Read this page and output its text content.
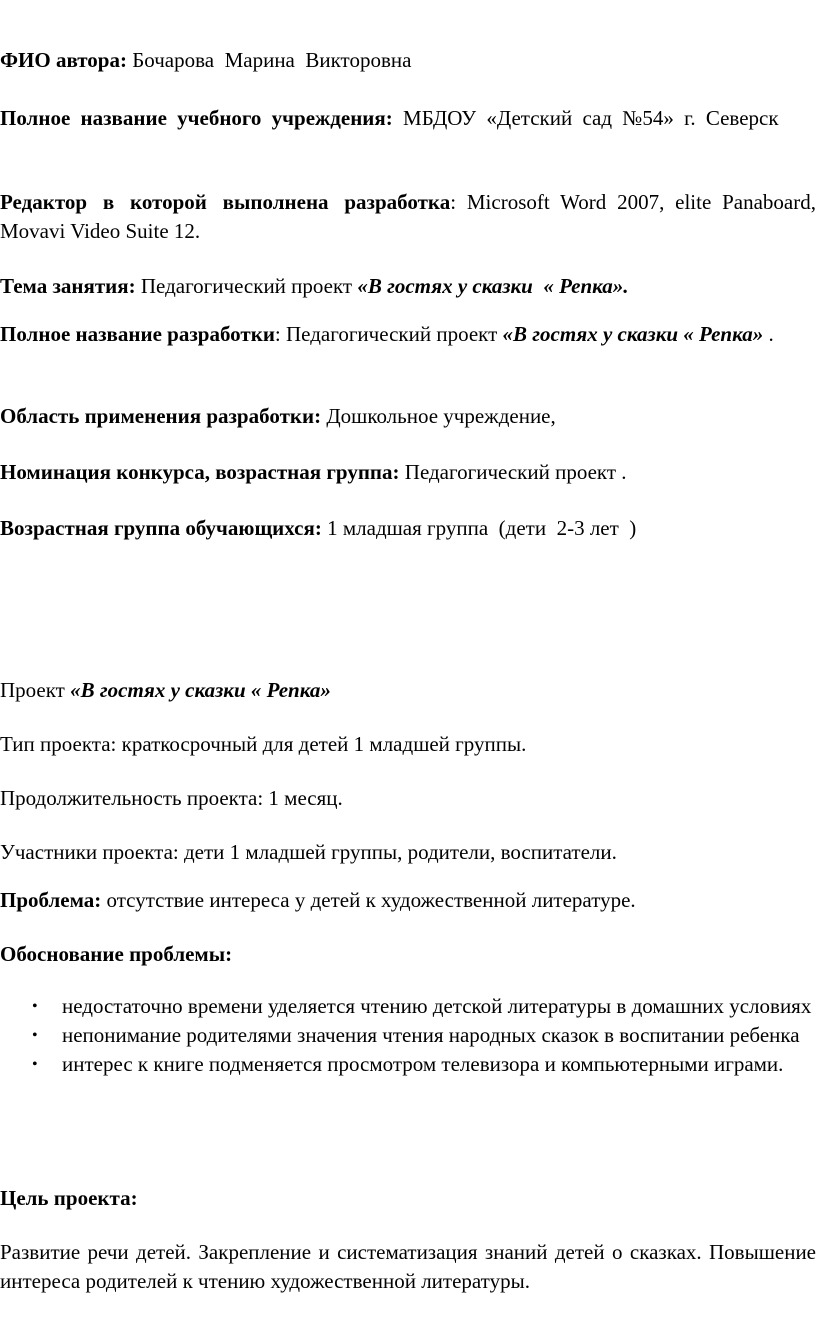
ФИО автора: Бочарова  Марина  Викторовна

Полное название учебного учреждения: МБДОУ «Детский сад №54» г. Северск

Редактор в которой выполнена разработка: Microsoft Word 2007, elite Panaboard, Movavi Video Suite 12.

Тема занятия: Педагогический проект «В гостях у сказки  « Репка».

Полное название разработки: Педагогический проект «В гостях у сказки « Репка» .

Область применения разработки: Дошкольное учреждение,

Номинация конкурса, возрастная группа: Педагогический проект .

Возрастная группа обучающихся: 1 младшая группа  (дети  2-3 лет  )

Проект «В гостях у сказки « Репка»

Тип проекта: краткосрочный для детей 1 младшей группы.

Продолжительность проекта: 1 месяц.

Участники проекта: дети 1 младшей группы, родители, воспитатели.

Проблема: отсутствие интереса у детей к художественной литературе.

Обоснование проблемы:

• недостаточно времени уделяется чтению детской литературы в домашних условиях
• непонимание родителями значения чтения народных сказок в воспитании ребенка
• интерес к книге подменяется просмотром телевизора и компьютерными играми.

Цель проекта:

Развитие речи детей. Закрепление и систематизация знаний детей о сказках. Повышение интереса родителей к чтению художественной литературы.
